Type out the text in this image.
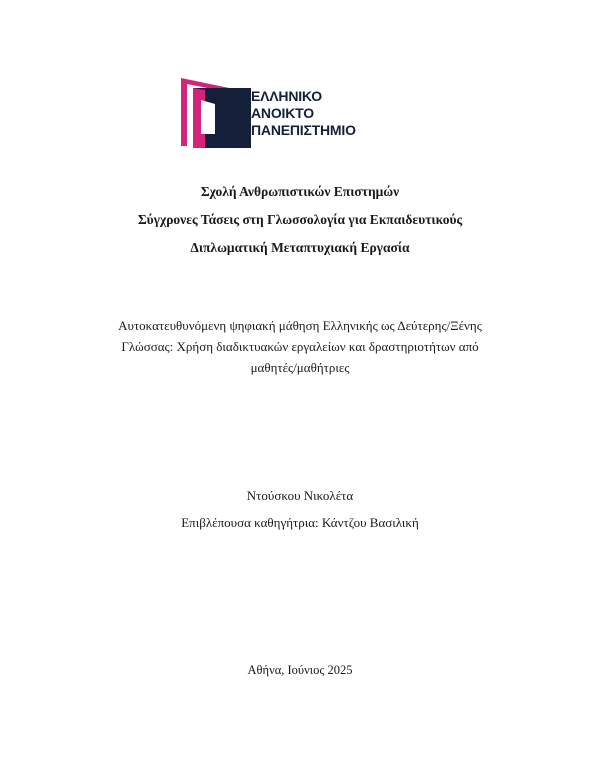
ΕΛΛΗΝΙΚΟ
ΑΝΟΙΚΤΟ
ΠΑΝΕΠΙΣΤΗΜΙΟ
Σχολή Ανθρωπιστικών Επιστημών
Σύγχρονες Τάσεις στη Γλωσσολογία για Εκπαιδευτικούς
Διπλωματική Μεταπτυχιακή Εργασία
Αυτοκατευθυνόμενη ψηφιακή μάθηση Ελληνικής ως Δεύτερης/Ξένης
Γλώσσας: Χρήση διαδικτυακών εργαλείων και δραστηριοτήτων από
μαθητές/μαθήτριες
Ντούσκου Νικολέτα
Επιβλέπουσα καθηγήτρια: Κάντζου Βασιλική
Αθήνα, Ιούνιος 2025
